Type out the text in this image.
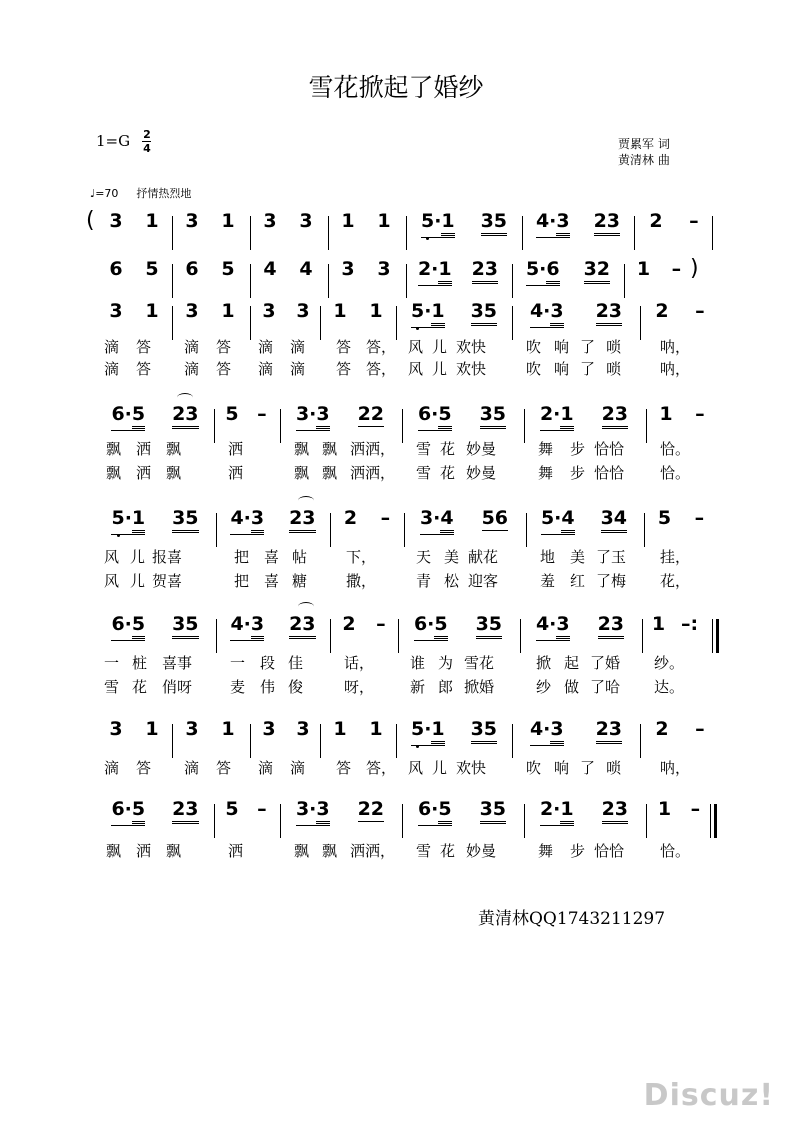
雪花掀起了婚纱
1=G 2
4	贾累军 词
黄清林 曲
♩=70 抒情热烈地
( 3 1 3 1 3 3 1 1 5·1 35 4·3 23 2 –
6 5 6 5 4 4 3 3 2·1 23 5·6 32 1 – )
3 1 3 1 3 3 1 1 5·1 35 4·3 23 2 –
滴 答 滴 答 滴 滴 答 答， 风 儿 欢快	吹 响 了 唢	呐，
滴 答 滴 答 滴 滴 答 答， 风 儿 欢快	吹 响 了 唢	呐，
6·5 23 5 – 3·3 22 6·5 35 2·1 23 1 –
飘 洒 飘	洒	飘 飘 洒洒， 雪 花 妙曼	舞 步 恰恰 恰。
飘 洒 飘	洒	飘 飘 洒洒， 雪 花 妙曼	舞 步 恰恰 恰。
5·1 35 4·3 23 2 – 3·4 56 5·4 34 5 –
风 儿 报喜	把 喜 帖	下，	天 美 献花	地 美 了玉 挂，
风 儿 贺喜	把 喜 糖	撒，	青 松 迎客	羞 红 了梅 花，
6·5 35 4·3 23 2 – 6·5 35 4·3 23 1 –:
一 桩 喜事	一 段 佳	话， 谁 为 雪花	掀 起 了婚 纱。
雪 花 俏呀	麦 伟 俊	呀， 新 郎 掀婚	纱 做 了哈 达。
3 1 3 1 3 3 1 1 5·1 35 4·3 23 2 –
滴 答 滴 答 滴 滴 答 答， 风 儿 欢快	吹 响 了 唢	呐，
6·5 23 5 – 3·3 22 6·5 35 2·1 23 1 –
飘 洒 飘	洒	飘 飘 洒洒， 雪 花 妙曼	舞 步 恰恰 恰。
黄清林QQ1743211297
Discuz!
